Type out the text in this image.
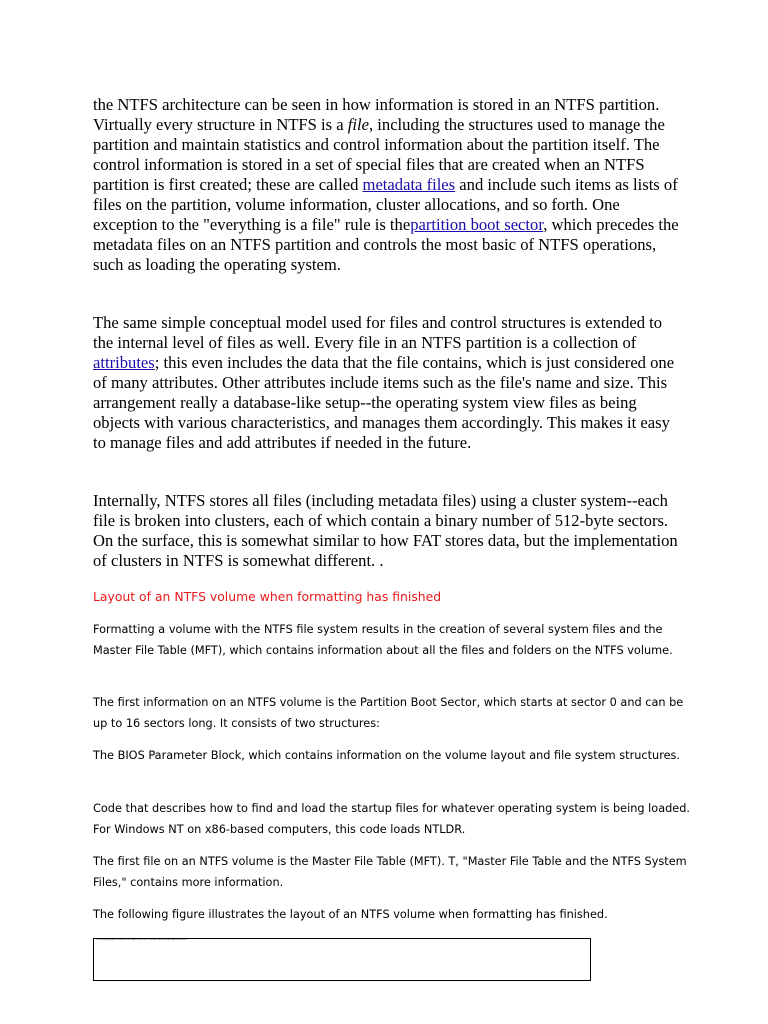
the NTFS architecture can be seen in how information is stored in an NTFS partition. Virtually every structure in NTFS is a file, including the structures used to manage the partition and maintain statistics and control information about the partition itself. The control information is stored in a set of special files that are created when an NTFS partition is first created; these are called metadata files and include such items as lists of files on the partition, volume information, cluster allocations, and so forth. One exception to the "everything is a file" rule is thepartition boot sector, which precedes the metadata files on an NTFS partition and controls the most basic of NTFS operations, such as loading the operating system.

The same simple conceptual model used for files and control structures is extended to the internal level of files as well. Every file in an NTFS partition is a collection of attributes; this even includes the data that the file contains, which is just considered one of many attributes. Other attributes include items such as the file's name and size. This arrangement really a database-like setup--the operating system view files as being objects with various characteristics, and manages them accordingly. This makes it easy to manage files and add attributes if needed in the future.

Internally, NTFS stores all files (including metadata files) using a cluster system--each file is broken into clusters, each of which contain a binary number of 512-byte sectors. On the surface, this is somewhat similar to how FAT stores data, but the implementation of clusters in NTFS is somewhat different. .

Layout of an NTFS volume when formatting has finished

Formatting a volume with the NTFS file system results in the creation of several system files and the Master File Table (MFT), which contains information about all the files and folders on the NTFS volume.

The first information on an NTFS volume is the Partition Boot Sector, which starts at sector 0 and can be up to 16 sectors long. It consists of two structures:

The BIOS Parameter Block, which contains information on the volume layout and file system structures.

Code that describes how to find and load the startup files for whatever operating system is being loaded. For Windows NT on x86-based computers, this code loads NTLDR.

The first file on an NTFS volume is the Master File Table (MFT). T, "Master File Table and the NTFS System Files," contains more information.

The following figure illustrates the layout of an NTFS volume when formatting has finished.

The following figure illustrates the layout of an NTFS volume when formatting has finished
